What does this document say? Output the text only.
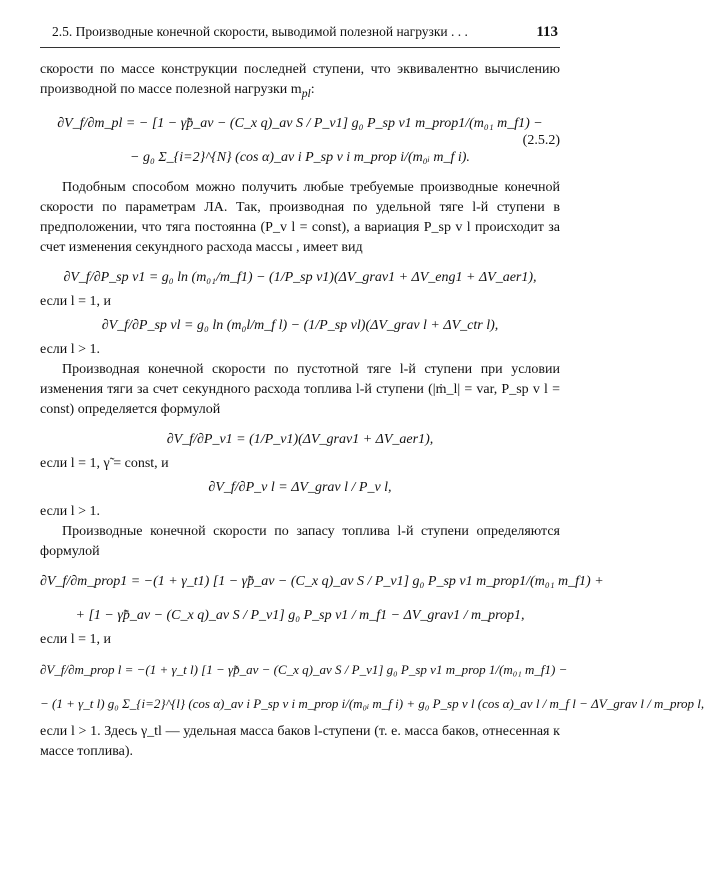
2.5. Производные конечной скорости, выводимой полезной нагрузки . . .	113

скорости по массе конструкции последней ступени, что эквивалентно вычислению производной по массе полезной нагрузки $m_{pl}$:

∂V_f/∂m_pl = − [1 − γ̃p̄_av − (C_x q)_av S / P_v1] g₀ P_sp v1 m_prop1/(m₀₁ m_f1) −
− g₀ Σ_{i=2}^{N} (cos α)_av i P_sp v i m_prop i/(m₀ᵢ m_f i).
(2.5.2)

Подобным способом можно получить любые требуемые производные конечной скорости по параметрам ЛА. Так, производная по удельной тяге l-й ступени в предположении, что тяга постоянна (P_v l = const), а вариация P_sp v l происходит за счет изменения секундного расхода массы , имеет вид

∂V_f/∂P_sp v1 = g₀ ln (m₀₁/m_f1) − (1/P_sp v1)(ΔV_grav1 + ΔV_eng1 + ΔV_aer1),

если l = 1, и

∂V_f/∂P_sp vl = g₀ ln (m₀l/m_f l) − (1/P_sp vl)(ΔV_grav l + ΔV_ctr l),

если l > 1.

Производная конечной скорости по пустотной тяге l-й ступени при условии изменения тяги за счет секундного расхода топлива l-й ступени (|ṁ_l| = var, P_sp v l = const) определяется формулой

∂V_f/∂P_v1 = (1/P_v1)(ΔV_grav1 + ΔV_aer1),

если l = 1, γ̃ = const, и

∂V_f/∂P_v l = ΔV_grav l / P_v l,

если l > 1.

Производные конечной скорости по запасу топлива l-й ступени определяются формулой

∂V_f/∂m_prop1 = −(1 + γ_t1) [1 − γ̃p̄_av − (C_x q)_av S / P_v1] g₀ P_sp v1 m_prop1/(m₀₁ m_f1) +
+ [1 − γ̃p̄_av − (C_x q)_av S / P_v1] g₀ P_sp v1 / m_f1 − ΔV_grav1 / m_prop1,

если l = 1, и

∂V_f/∂m_prop l = −(1 + γ_t l) [1 − γ̃p̄_av − (C_x q)_av S / P_v1] g₀ P_sp v1 m_prop 1/(m₀₁ m_f1) −
− (1 + γ_t l) g₀ Σ_{i=2}^{l} (cos α)_av i P_sp v i m_prop i/(m₀ᵢ m_f i) + g₀ P_sp v l (cos α)_av l / m_f l − ΔV_grav l / m_prop l,

если l > 1. Здесь γ_tl — удельная масса баков l-ступени (т. е. масса баков, отнесенная к массе топлива).
